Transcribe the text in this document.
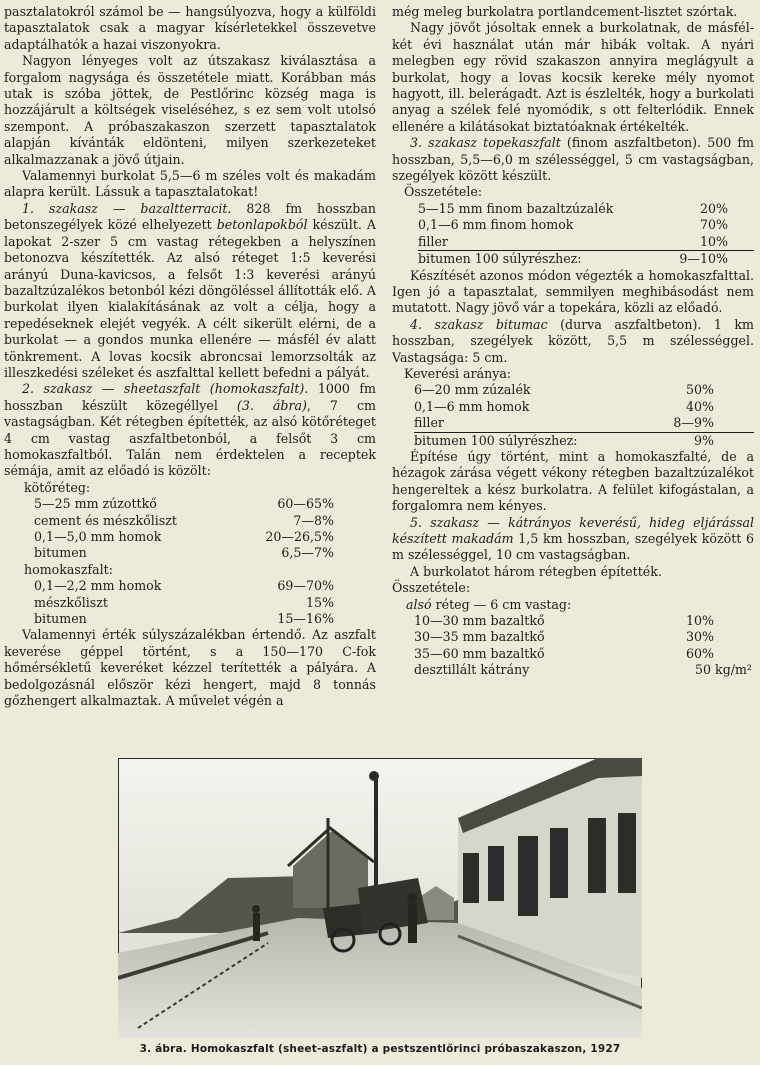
pasztalatokról számol be — hangsúlyozva, hogy a külföldi tapasztalatok csak a magyar kísérletekkel összevetve adaptálhatók a hazai viszonyokra.

Nagyon lényeges volt az útszakasz kiválasztása a forgalom nagysága és összetétele miatt. Korábban más utak is szóba jöttek, de Pestlőrinc község maga is hozzájárult a költségek viseléséhez, s ez sem volt utolsó szempont. A próbaszakaszon szerzett tapasztalatok alapján kívánták eldönteni, milyen szerkezeteket alkalmazzanak a jövő útjain.

Valamennyi burkolat 5,5—6 m széles volt és makadám alapra került. Lássuk a tapasztalatokat!

1. szakasz — bazaltterracit. 828 fm hosszban betonszegélyek közé elhelyezett betonlapokból készült. A lapokat 2-szer 5 cm vastag rétegekben a helyszínen betonozva készítették. Az alsó réteget 1:5 keverési arányú Duna-kavicsos, a felsőt 1:3 keverési arányú bazaltzúzalékos betonból kézi döngöléssel állították elő. A burkolat ilyen kialakításának az volt a célja, hogy a repedéseknek elejét vegyék. A célt sikerült elérni, de a burkolat — a gondos munka ellenére — másfél év alatt tönkrement. A lovas kocsik abroncsai lemorzsolták az illeszkedési széleket és aszfalttal kellett befedni a pályát.

2. szakasz — sheetaszfalt (homokaszfalt). 1000 fm hosszban készült közegéllyel (3. ábra), 7 cm vastagságban. Két rétegben építették, az alsó kötőréteget 4 cm vastag aszfaltbetonból, a felsőt 3 cm homokaszfaltból. Talán nem érdektelen a receptek sémája, amit az előadó is közölt:

kötőréteg:
5—25 mm zúzottkő	60—65%
cement és mészkőliszt	7—8%
0,1—5,0 mm homok	20—26,5%
bitumen	6,5—7%
homokaszfalt:
0,1—2,2 mm homok	69—70%
mészkőliszt	15%
bitumen	15—16%

Valamennyi érték súlyszázalékban értendő. Az aszfalt keverése géppel történt, s a 150—170 C-fok hőmérsékletű keveréket kézzel terítették a pályára. A bedolgozásnál először kézi hengert, majd 8 tonnás gőzhengert alkalmaztak. A művelet végén a

még meleg burkolatra portlandcement-lisztet szórtak.

Nagy jövőt jósoltak ennek a burkolatnak, de másfél-két évi használat után már hibák voltak. A nyári melegben egy rövid szakaszon annyira meglágyult a burkolat, hogy a lovas kocsik kereke mély nyomot hagyott, ill. belerágadt. Azt is észlelték, hogy a burkolati anyag a szélek felé nyomódik, s ott felterlódik. Ennek ellenére a kilátásokat biztatóaknak értékelték.

3. szakasz topekaszfalt (finom aszfaltbeton). 500 fm hosszban, 5,5—6,0 m szélességgel, 5 cm vastagságban, szegélyek között készült.

Összetétele:
5—15 mm finom bazaltzúzalék	20%
0,1—6 mm finom homok	70%
filler	10%
bitumen 100 súlyrészhez:	9—10%

Készítését azonos módon végezték a homokaszfalttal. Igen jó a tapasztalat, semmilyen meghibásodást nem mutatott. Nagy jövő vár a topekára, közli az előadó.

4. szakasz bitumac (durva aszfaltbeton). 1 km hosszban, szegélyek között, 5,5 m szélességgel. Vastagsága: 5 cm.

Keverési aránya:
6—20 mm zúzalék	50%
0,1—6 mm homok	40%
filler	8—9%
bitumen 100 súlyrészhez:	9%

Építése úgy történt, mint a homokaszfalté, de a hézagok zárása végett vékony rétegben bazaltzúzalékot hengereltek a kész burkolatra. A felület kifogástalan, a forgalomra nem kényes.

5. szakasz — kátrányos keverésű, hideg eljárással készített makadám 1,5 km hosszban, szegélyek között 6 m szélességgel, 10 cm vastagságban.

A burkolatot három rétegben építették.

Összetétele:
alsó réteg — 6 cm vastag:
10—30 mm bazaltkő	10%
30—35 mm bazaltkő	30%
35—60 mm bazaltkő	60%
desztillált kátrány	50 kg/m²
3. ábra. Homokaszfalt (sheet-aszfalt) a pestszentlőrinci próbaszakaszon, 1927
